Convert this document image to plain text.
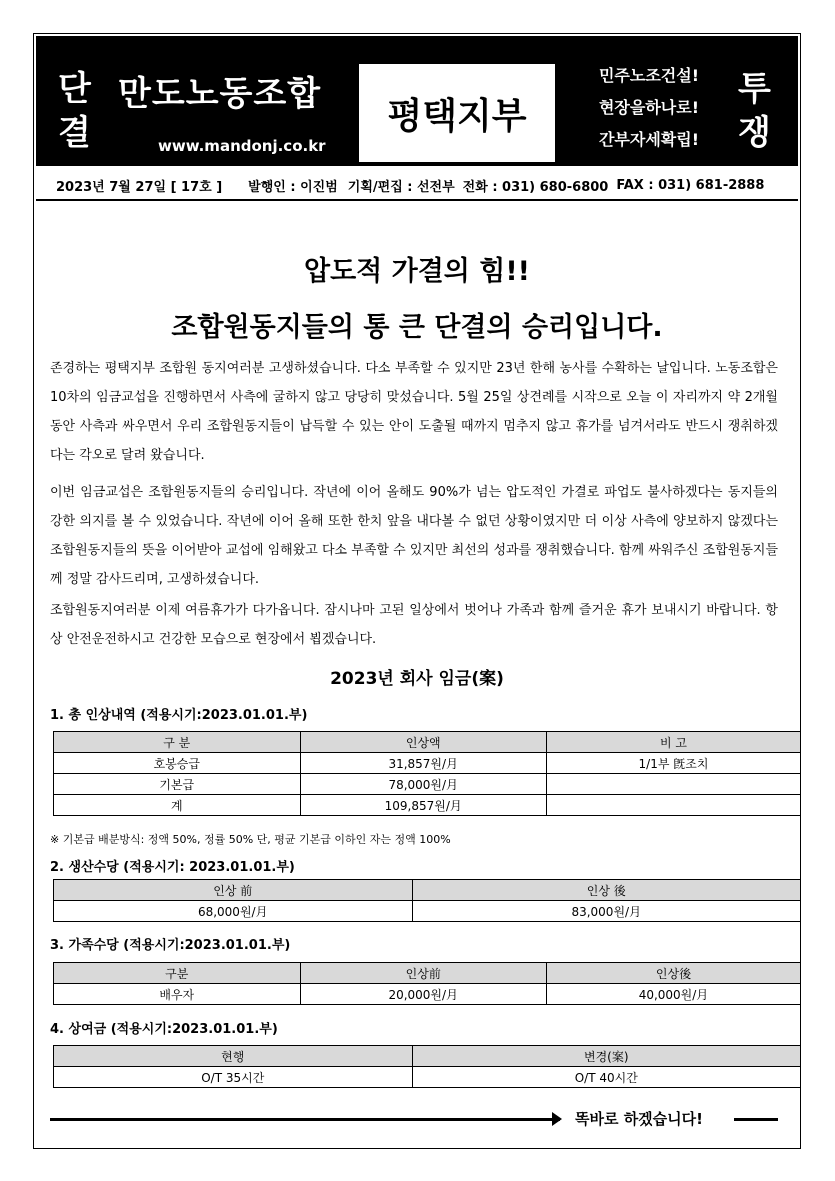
단
결
만도노동조합
www.mandonj.co.kr
평택지부
민주노조건설!
현장을하나로!
간부자세확립!
투
쟁
2023년 7월 27일 [ 17호 ] 발행인 : 이진범 기획/편집 : 선전부 전화 : 031) 680-6800 FAX : 031) 681-2888
압도적 가결의 힘!!
조합원동지들의 통 큰 단결의 승리입니다.

존경하는 평택지부 조합원 동지여러분 고생하셨습니다. 다소 부족할 수 있지만 23년 한해 농사를 수확하는 날입니다. 노동조합은 10차의 임금교섭을 진행하면서 사측에 굴하지 않고 당당히 맞섰습니다. 5월 25일 상견례를 시작으로 오늘 이 자리까지 약 2개월 동안 사측과 싸우면서 우리 조합원동지들이 납득할 수 있는 안이 도출될 때까지 멈추지 않고 휴가를 넘겨서라도 반드시 쟁취하겠다는 각오로 달려 왔습니다.

이번 임금교섭은 조합원동지들의 승리입니다. 작년에 이어 올해도 90%가 넘는 압도적인 가결로 파업도 불사하겠다는 동지들의 강한 의지를 볼 수 있었습니다. 작년에 이어 올해 또한 한치 앞을 내다볼 수 없던 상황이였지만 더 이상 사측에 양보하지 않겠다는 조합원동지들의 뜻을 이어받아 교섭에 임해왔고 다소 부족할 수 있지만 최선의 성과를 쟁취했습니다. 함께 싸워주신 조합원동지들께 정말 감사드리며, 고생하셨습니다.

조합원동지여러분 이제 여름휴가가 다가옵니다. 잠시나마 고된 일상에서 벗어나 가족과 함께 즐거운 휴가 보내시기 바랍니다. 항상 안전운전하시고 건강한 모습으로 현장에서 뵙겠습니다.

2023년 회사 임금(案)
1. 총 인상내역 (적용시기:2023.01.01.부)
구 분	인상액	비 고
호봉승급	31,857원/月	1/1부 旣조치
기본급	78,000원/月	
계	109,857원/月	
※ 기본급 배분방식: 정액 50%, 정률 50% 단, 평균 기본급 이하인 자는 정액 100%
2. 생산수당 (적용시기: 2023.01.01.부)
인상 前	인상 後
68,000원/月	83,000원/月
3. 가족수당 (적용시기:2023.01.01.부)
구분	인상前	인상後
배우자	20,000원/月	40,000원/月
4. 상여금 (적용시기:2023.01.01.부)
현행	변경(案)
O/T 35시간	O/T 40시간
똑바로 하겠습니다!
